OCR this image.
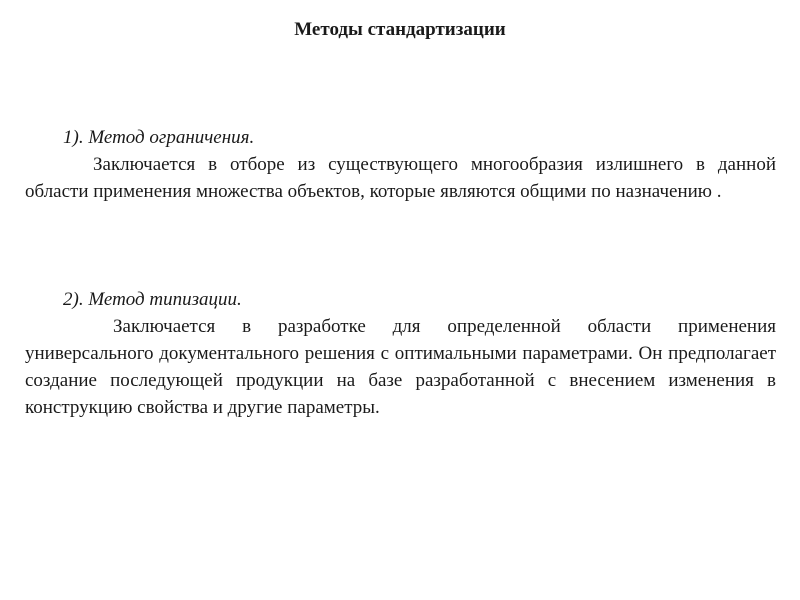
Методы стандартизации
1). Метод ограничения.

Заключается в отборе из существующего многообразия излишнего в данной области применения множества объектов, которые являются общими по назначению .

2). Метод типизации.

Заключается в разработке для определенной области применения универсального документального решения с оптимальными параметрами. Он предполагает создание последующей продукции на базе разработанной с внесением изменения в конструкцию свойства и другие параметры.
